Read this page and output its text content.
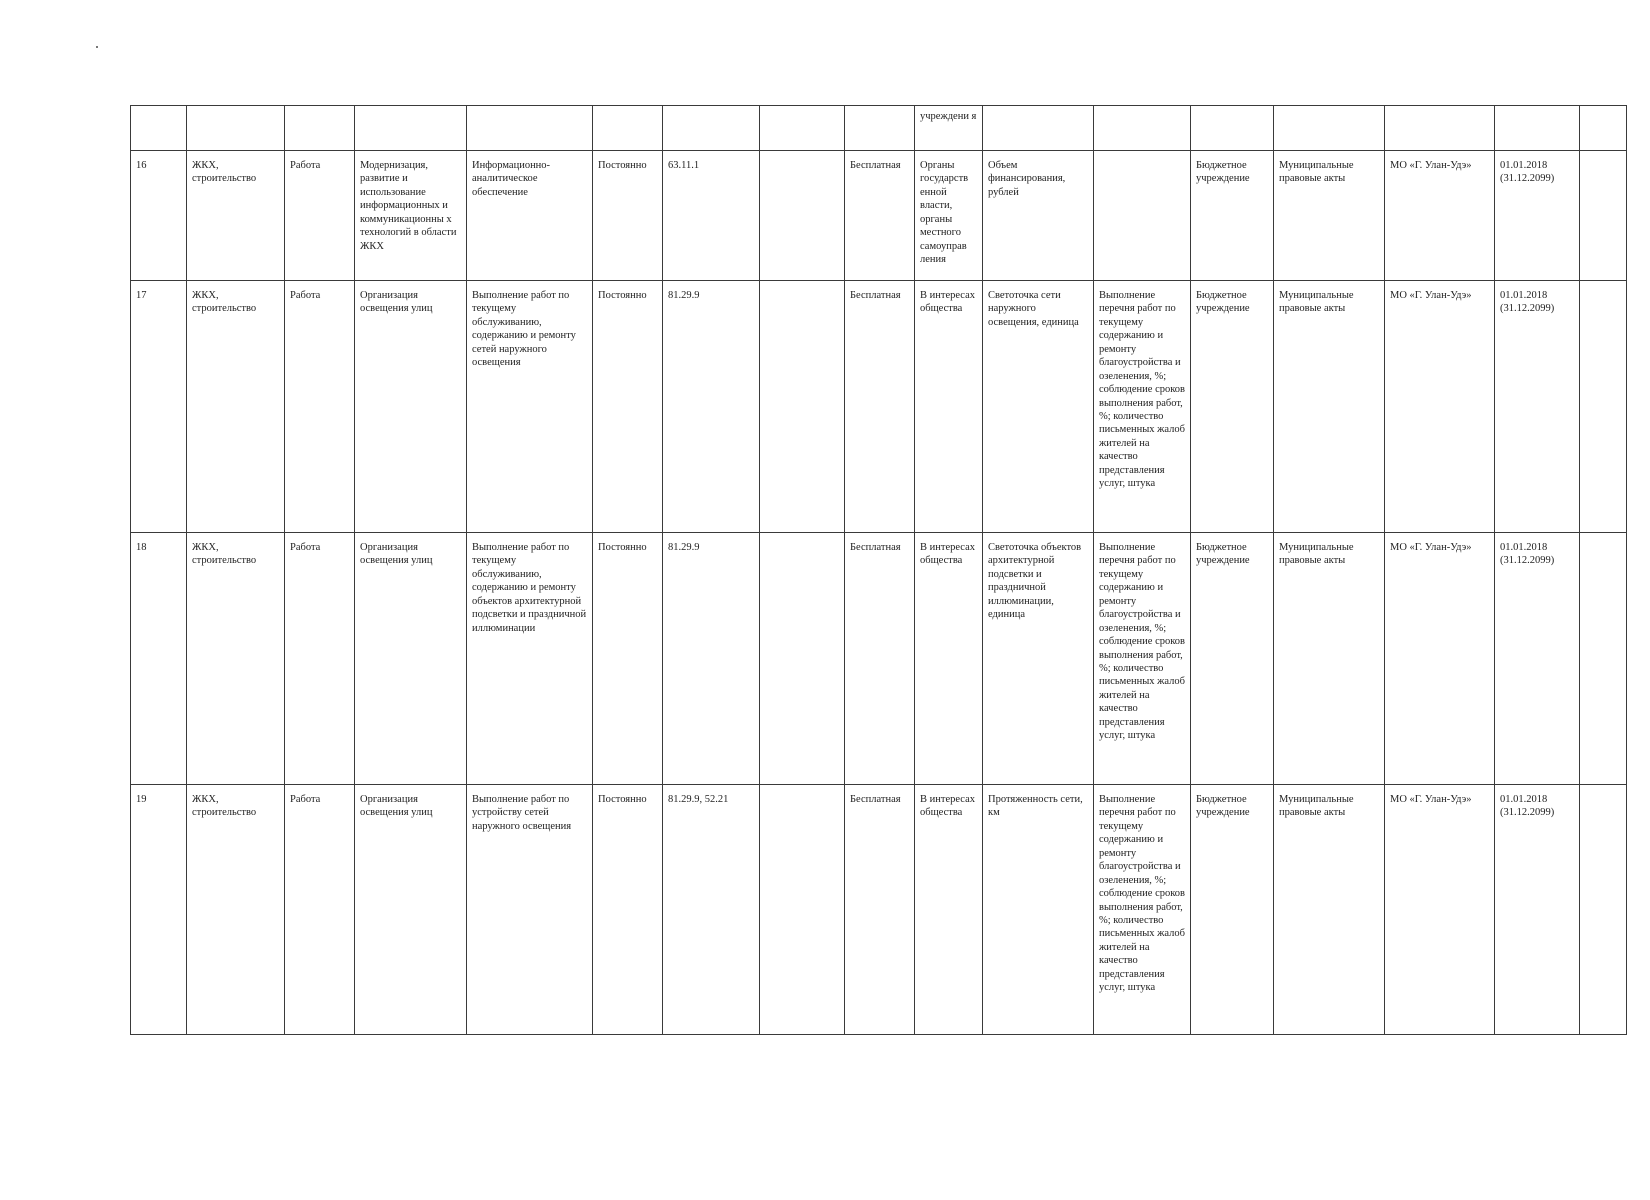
									учреждени я							
16	ЖКХ, строительство	Работа	Модернизация, развитие и использование информационных и коммуникационны х технологий в области ЖКХ	Информационно-аналитическое обеспечение	Постоянно	63.11.1		Бесплатная	Органы государств енной власти, органы местного самоуправ ления	Объем финансирования, рублей		Бюджетное учреждение	Муниципальные правовые акты	МО «Г. Улан-Удэ»	01.01.2018 (31.12.2099)	
17	ЖКХ, строительство	Работа	Организация освещения улиц	Выполнение работ по текущему обслуживанию, содержанию и ремонту сетей наружного освещения	Постоянно	81.29.9		Бесплатная	В интересах общества	Светоточка сети наружного освещения, единица	Выполнение перечня работ по текущему содержанию и ремонту благоустройства и озеленения, %; соблюдение сроков выполнения работ, %; количество письменных жалоб жителей на качество представления услуг, штука	Бюджетное учреждение	Муниципальные правовые акты	МО «Г. Улан-Удэ»	01.01.2018 (31.12.2099)	
18	ЖКХ, строительство	Работа	Организация освещения улиц	Выполнение работ по текущему обслуживанию, содержанию и ремонту объектов архитектурной подсветки и праздничной иллюминации	Постоянно	81.29.9		Бесплатная	В интересах общества	Светоточка объектов архитектурной подсветки и праздничной иллюминации, единица	Выполнение перечня работ по текущему содержанию и ремонту благоустройства и озеленения, %; соблюдение сроков выполнения работ, %; количество письменных жалоб жителей на качество представления услуг, штука	Бюджетное учреждение	Муниципальные правовые акты	МО «Г. Улан-Удэ»	01.01.2018 (31.12.2099)	
19	ЖКХ, строительство	Работа	Организация освещения улиц	Выполнение работ по устройству сетей наружного освещения	Постоянно	81.29.9, 52.21		Бесплатная	В интересах общества	Протяженность сети, км	Выполнение перечня работ по текущему содержанию и ремонту благоустройства и озеленения, %; соблюдение сроков выполнения работ, %; количество письменных жалоб жителей на качество представления услуг, штука	Бюджетное учреждение	Муниципальные правовые акты	МО «Г. Улан-Удэ»	01.01.2018 (31.12.2099)	
